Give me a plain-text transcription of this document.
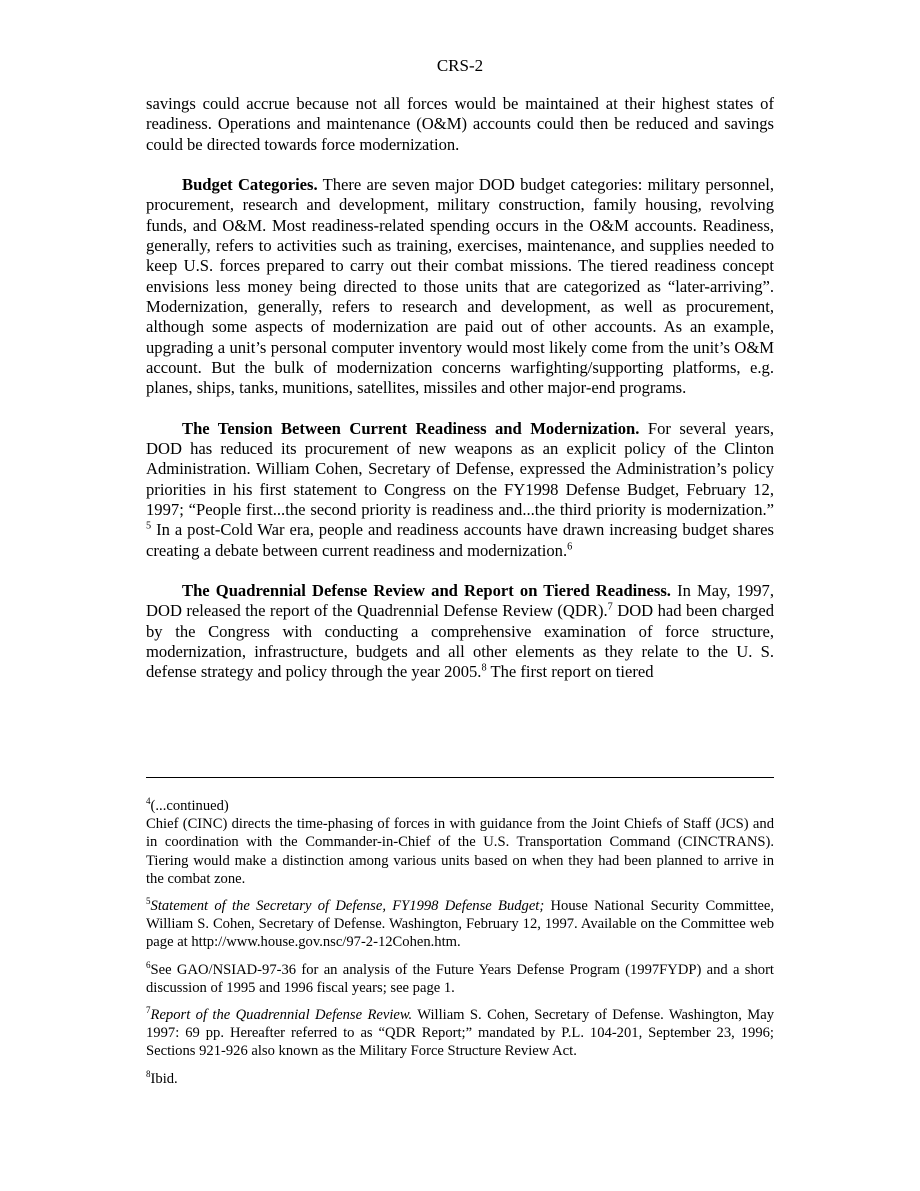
CRS-2

savings could accrue because not all forces would be maintained at their highest states of readiness. Operations and maintenance (O&M) accounts could then be reduced and savings could be directed towards force modernization.

Budget Categories. There are seven major DOD budget categories: military personnel, procurement, research and development, military construction, family housing, revolving funds, and O&M. Most readiness-related spending occurs in the O&M accounts. Readiness, generally, refers to activities such as training, exercises, maintenance, and supplies needed to keep U.S. forces prepared to carry out their combat missions. The tiered readiness concept envisions less money being directed to those units that are categorized as “later-arriving”. Modernization, generally, refers to research and development, as well as procurement, although some aspects of modernization are paid out of other accounts. As an example, upgrading a unit’s personal computer inventory would most likely come from the unit’s O&M account. But the bulk of modernization concerns warfighting/supporting platforms, e.g. planes, ships, tanks, munitions, satellites, missiles and other major-end programs.

The Tension Between Current Readiness and Modernization. For several years, DOD has reduced its procurement of new weapons as an explicit policy of the Clinton Administration. William Cohen, Secretary of Defense, expressed the Administration’s policy priorities in his first statement to Congress on the FY1998 Defense Budget, February 12, 1997; “People first...the second priority is readiness and...the third priority is modernization.” $^5$ In a post-Cold War era, people and readiness accounts have drawn increasing budget shares creating a debate between current readiness and modernization.$^6$

The Quadrennial Defense Review and Report on Tiered Readiness. In May, 1997, DOD released the report of the Quadrennial Defense Review (QDR).$^7$ DOD had been charged by the Congress with conducting a comprehensive examination of force structure, modernization, infrastructure, budgets and all other elements as they relate to the U. S. defense strategy and policy through the year 2005.$^8$ The first report on tiered

$^4$(...continued)
Chief (CINC) directs the time-phasing of forces in with guidance from the Joint Chiefs of Staff (JCS) and in coordination with the Commander-in-Chief of the U.S. Transportation Command (CINCTRANS). Tiering would make a distinction among various units based on when they had been planned to arrive in the combat zone.
$^5$Statement of the Secretary of Defense, FY1998 Defense Budget; House National Security Committee, William S. Cohen, Secretary of Defense. Washington, February 12, 1997. Available on the Committee web page at http://www.house.gov.nsc/97-2-12Cohen.htm.
$^6$See GAO/NSIAD-97-36 for an analysis of the Future Years Defense Program (1997FYDP) and a short discussion of 1995 and 1996 fiscal years; see page 1.
$^7$Report of the Quadrennial Defense Review. William S. Cohen, Secretary of Defense. Washington, May 1997: 69 pp. Hereafter referred to as “QDR Report;” mandated by P.L. 104-201, September 23, 1996; Sections 921-926 also known as the Military Force Structure Review Act.
$^8$Ibid.
